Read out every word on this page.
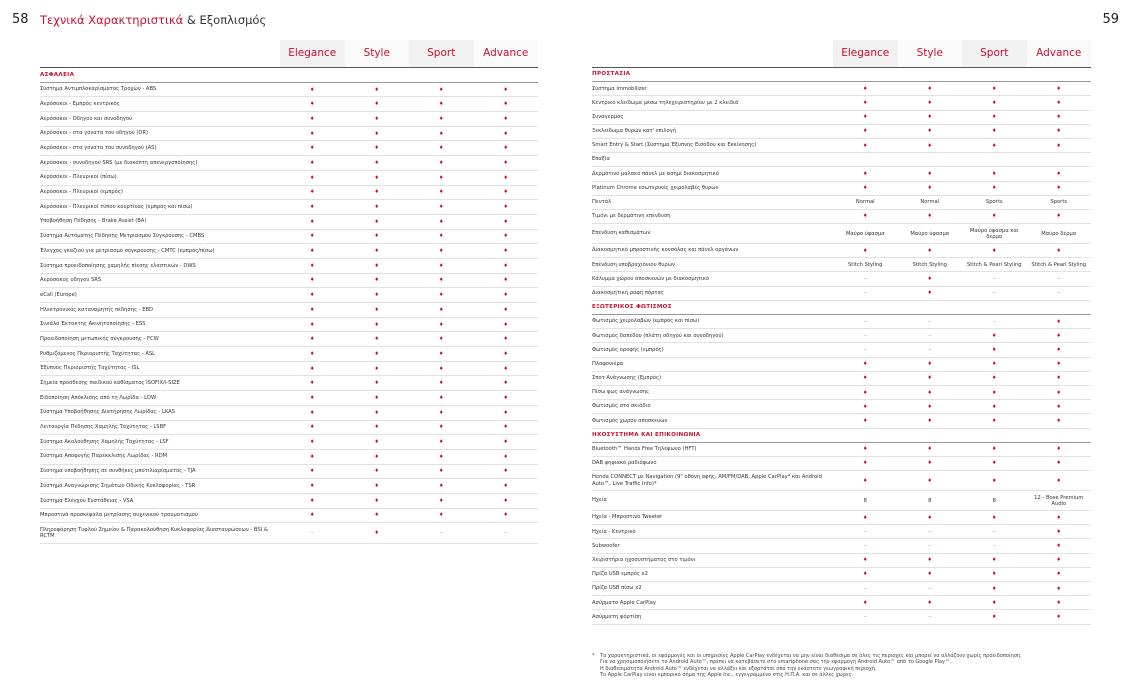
58	59
Τεχνικά Χαρακτηριστικά & Εξοπλισμός
Elegance	Style	Sport	Advance
ΑΣΦΑΛΕΙΑ
Σύστημα Αντιμπλοκαρίσματος Τροχών - ABS	♦	♦	♦	♦
Αερόσακοι - Εμπρός κεντρικός	♦	♦	♦	♦
Αερόσακοι - Οδηγού και συνοδηγού	♦	♦	♦	♦
Αερόσακοι - στα γόνατα του οδηγού (DR)	♦	♦	♦	♦
Αερόσακοι - στα γόνατα του συνοδηγού (AS)	♦	♦	♦	♦
Αερόσακοι - συνοδηγού SRS (με διακόπτη απενεργοποίησης)	♦	♦	♦	♦
Αερόσακοι - Πλευρικοί (πίσω)	♦	♦	♦	♦
Αερόσακοι - Πλευρικοί (εμπρός)	♦	♦	♦	♦
Αερόσακοι - Πλευρικοί τύπου κουρτίνας (εμπρός και πίσω)	♦	♦	♦	♦
Υποβοήθηση Πέδησης - Brake Assist (BA)	♦	♦	♦	♦
Σύστημα Αυτόματης Πέδησης Μετριασμού Σύγκρουσης - CMBS	♦	♦	♦	♦
Έλεγχος γκαζιού για μετριασμό σύγκρουσης - CMTC (εμπρός/πίσω)	♦	♦	♦	♦
Σύστημα προειδοποίησης χαμηλής πίεσης ελαστικών - DWS	♦	♦	♦	♦
Αερόσακος οδηγού SRS	♦	♦	♦	♦
eCall (Europe)	♦	♦	♦	♦
Ηλεκτρονικός καταναμητής πέδησης - EBD	♦	♦	♦	♦
Σινιάλο Έκτακτης Ακινητοποίησης - ESS	♦	♦	♦	♦
Προειδοποίηση μετωπικής σύγκρουσης - FCW	♦	♦	♦	♦
Ρυθμιζόμενος Περιοριστής Ταχύτητας - ASL	♦	♦	♦	♦
Έξυπνος Περιοριστής Ταχύτητας - ISL	♦	♦	♦	♦
Σημεία πρόσδεσης παιδικού καθίσματος ISOFIX/i-SIZE	♦	♦	♦	♦
Ειδοποίηση Απόκλισης από τη Λωρίδα - LDW	♦	♦	♦	♦
Σύστημα Υποβοήθησης Διατήρησης Λωρίδας - LKAS	♦	♦	♦	♦
Λειτουργία Πέδησης Χαμηλής Ταχύτητας - LSBF	♦	♦	♦	♦
Σύστημα Ακολούθησης Χαμηλής Ταχύτητας - LSF	♦	♦	♦	♦
Σύστημα Αποφυγής Παρέκκλισης Λωρίδας - RDM	♦	♦	♦	♦
Σύστημα υποβοήθησης σε συνθήκες μποτιλιαρίσματος - TJA	♦	♦	♦	♦
Σύστημα Αναγνώρισης Σημάτων Οδικής Κυκλοφορίας - TSR	♦	♦	♦	♦
Σύστημα Ελέγχου Ευστάθειας - VSA	♦	♦	♦	♦
Μπροστινά προσκέφαλα μετρίασης αυχενικού τραυματισμού	♦	♦	♦	♦
Πληροφόρηση Τυφλού Σημείου & Παρακολούθηση Κυκλοφορίας Διασταυρώσεων - BSI & RCTM	–	♦	–	–
Elegance	Style	Sport	Advance
ΠΡΟΣΤΑΣΙΑ
Σύστημα Immobilizer	♦	♦	♦	♦
Κεντρικό κλείδωμα μέσω τηλεχειριστηρίου με 2 κλειδιά	♦	♦	♦	♦
Συναγερμός	♦	♦	♦	♦
Ξεκλείδωμα θυρών κατ' επιλογή	♦	♦	♦	♦
Smart Entry & Start (Σύστημα Έξυπνης Εισόδου και Εκκίνησης)	♦	♦	♦	♦
Επαξία
Δερμάτινο μαλακό πάνελ με ασημί διακοσμητικό	♦	♦	♦	♦
Platinum Chrome εσωτερικές χειρολαβές θυρών	♦	♦	♦	♦
Πεντάλ	Normal	Normal	Sports	Sports
Τιμόνι με δερμάτινη επένδυση	♦	♦	♦	♦
Επένδυση καθισμάτων	Μαύρο ύφασμα	Μαύρο ύφασμα	Μαύρο ύφασμα και δέρμα	Μαύρο δέρμα
Διακοσμητικό μπροστινής κονσόλας και πάνελ οργάνων	♦	♦	♦	♦
Επένδυση υποβραχιόνιου θυρών	Stitch Styling	Stitch Styling	Stitch & Pearl Styling	Stitch & Pearl Styling
Κάλυμμα χώρου αποσκευών με διακοσμητικό	–	♦	–	–
Διακοσμητική ραφή πόρτας	–	♦	–	–
ΕΞΩΤΕΡΙΚΟΣ ΦΩΤΙΣΜΟΣ
Φωτισμός χειρολαβών (εμπρός και πίσω)	–	–	–	♦
Φωτισμός δαπέδου (πλάτη οδηγού και συνοδηγού)	–	–	♦	♦
Φωτισμός οροφής (εμπρός)	–	–	♦	♦
Πλαφονιέρα	♦	♦	♦	♦
Σποτ Ανάγνωσης (Εμπρός)	♦	♦	♦	♦
Πίσω φως ανάγνωσης	♦	♦	♦	♦
Φωτισμός στο σκιάδιο	♦	♦	♦	♦
Φωτισμός χώρου αποσκευών	♦	♦	♦	♦
ΗΧΟΣΥΣΤΗΜΑ ΚΑΙ ΕΠΙΚΟΙΝΩΝΙΑ
Bluetooth™ Hands Free Τηλέφωνο (HFT)	♦	♦	♦	♦
DAB ψηφιακό ραδιόφωνο	♦	♦	♦	♦
Honda CONNECT με Navigation (9" οθόνη αφής, AM/FM/DAB, Apple CarPlay* και Android Auto™, Live Traffic Info)*	♦	♦	♦	♦
Ηχεία	8	8	8	12 - Bose Premium Audio
Ηχεία - Μπροστινό Tweeter	♦	♦	♦	♦
Ηχεία - Κεντρικό	–	–	–	♦
Subwoofer	–	–	–	♦
Χειριστήρια ηχοσυστήματος στο τιμόνι	♦	♦	♦	♦
Πρίζα USB εμπρός x2	♦	♦	♦	♦
Πρίζα USB πίσω x2	–	–	♦	♦
Ασύρματο Apple CarPlay	♦	♦	♦	♦
Ασύρματη φόρτιση	–	–	♦	♦
* Τα χαρακτηριστικά, οι εφαρμογές και οι υπηρεσίες Apple CarPlay ενδέχεται να μην είναι διαθέσιμα σε όλες τις περιοχές και μπορεί να αλλάζουν χωρίς προειδοποίηση.
Για να χρησιμοποιήσετε το Android Auto™, πρέπει να κατεβάσετε στο smartphone σας την εφαρμογή Android Auto™ από το Google Play™.
Η διαθεσιμότητα Android Auto™ ενδέχεται να αλλάξει και εξαρτάται από την εκάστοτε γεωγραφική περιοχή.
Το Apple CarPlay είναι εμπορικό σήμα της Apple Inc., εγγεγραμμένο στις Η.Π.Α. και σε άλλες χώρες.
